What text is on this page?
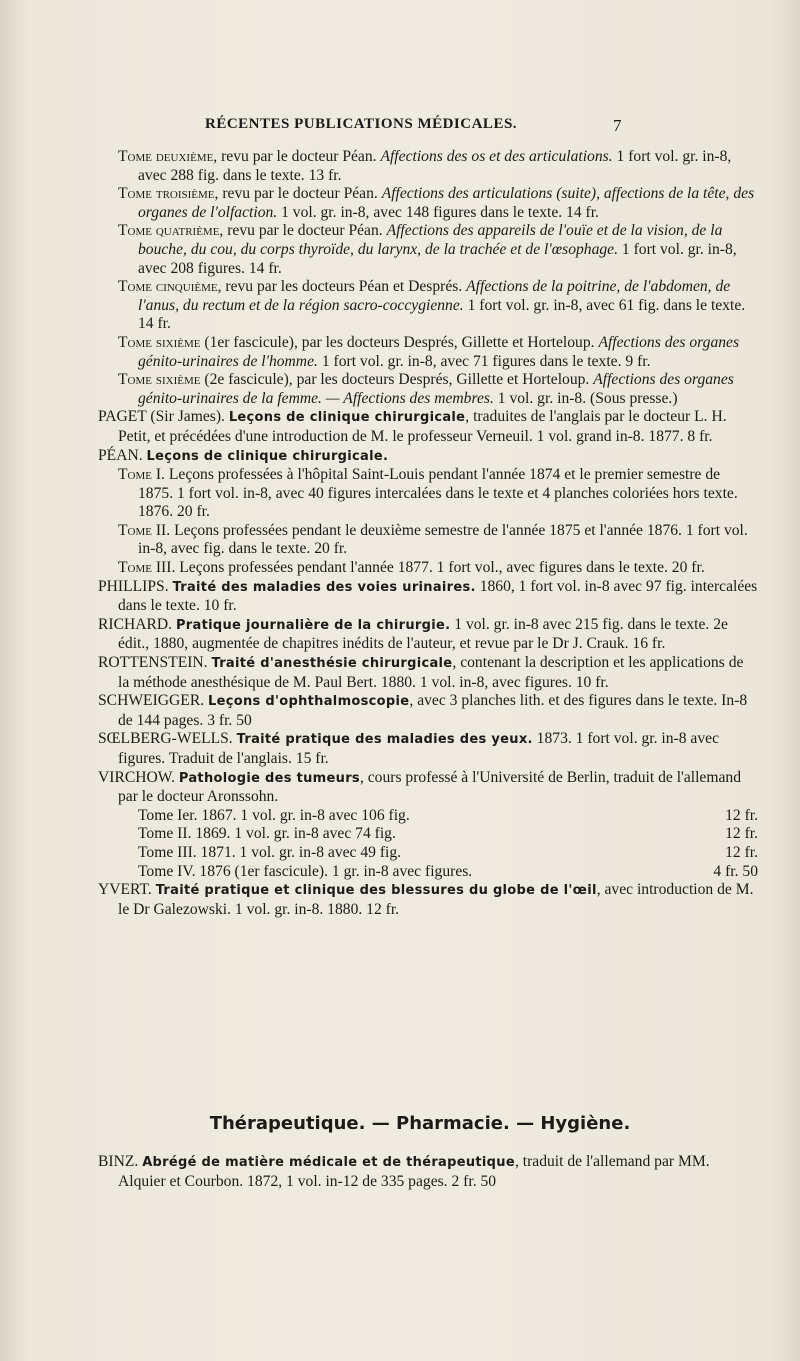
RÉCENTES PUBLICATIONS MÉDICALES.	7

Tome deuxième, revu par le docteur Péan. Affections des os et des articulations. 1 fort vol. gr. in-8, avec 288 fig. dans le texte. 13 fr.

Tome troisième, revu par le docteur Péan. Affections des articulations (suite), affections de la tête, des organes de l'olfaction. 1 vol. gr. in-8, avec 148 figures dans le texte. 14 fr.

Tome quatrième, revu par le docteur Péan. Affections des appareils de l'ouïe et de la vision, de la bouche, du cou, du corps thyroïde, du larynx, de la trachée et de l'œsophage. 1 fort vol. gr. in-8, avec 208 figures. 14 fr.

Tome cinquième, revu par les docteurs Péan et Després. Affections de la poitrine, de l'abdomen, de l'anus, du rectum et de la région sacro-coccygienne. 1 fort vol. gr. in-8, avec 61 fig. dans le texte. 14 fr.

Tome sixième (1er fascicule), par les docteurs Després, Gillette et Horteloup. Affections des organes génito-urinaires de l'homme. 1 fort vol. gr. in-8, avec 71 figures dans le texte. 9 fr.

Tome sixième (2e fascicule), par les docteurs Després, Gillette et Horteloup. Affections des organes génito-urinaires de la femme. — Affections des membres. 1 vol. gr. in-8. (Sous presse.)

PAGET (Sir James). Leçons de clinique chirurgicale, traduites de l'anglais par le docteur L. H. Petit, et précédées d'une introduction de M. le professeur Verneuil. 1 vol. grand in-8. 1877. 8 fr.

PÉAN. Leçons de clinique chirurgicale.

Tome I. Leçons professées à l'hôpital Saint-Louis pendant l'année 1874 et le premier semestre de 1875. 1 fort vol. in-8, avec 40 figures intercalées dans le texte et 4 planches coloriées hors texte. 1876. 20 fr.

Tome II. Leçons professées pendant le deuxième semestre de l'année 1875 et l'année 1876. 1 fort vol. in-8, avec fig. dans le texte. 20 fr.

Tome III. Leçons professées pendant l'année 1877. 1 fort vol., avec figures dans le texte. 20 fr.

PHILLIPS. Traité des maladies des voies urinaires. 1860, 1 fort vol. in-8 avec 97 fig. intercalées dans le texte. 10 fr.

RICHARD. Pratique journalière de la chirurgie. 1 vol. gr. in-8 avec 215 fig. dans le texte. 2e édit., 1880, augmentée de chapitres inédits de l'auteur, et revue par le Dr J. Crauk. 16 fr.

ROTTENSTEIN. Traité d'anesthésie chirurgicale, contenant la description et les applications de la méthode anesthésique de M. Paul Bert. 1880. 1 vol. in-8, avec figures. 10 fr.

SCHWEIGGER. Leçons d'ophthalmoscopie, avec 3 planches lith. et des figures dans le texte. In-8 de 144 pages. 3 fr. 50

SŒLBERG-WELLS. Traité pratique des maladies des yeux. 1873. 1 fort vol. gr. in-8 avec figures. Traduit de l'anglais. 15 fr.

VIRCHOW. Pathologie des tumeurs, cours professé à l'Université de Berlin, traduit de l'allemand par le docteur Aronssohn.

Tome Ier. 1867. 1 vol. gr. in-8 avec 106 fig.	12 fr.
Tome II. 1869. 1 vol. gr. in-8 avec 74 fig.	12 fr.
Tome III. 1871. 1 vol. gr. in-8 avec 49 fig.	12 fr.
Tome IV. 1876 (1er fascicule). 1 gr. in-8 avec figures.	4 fr. 50

YVERT. Traité pratique et clinique des blessures du globe de l'œil, avec introduction de M. le Dr Galezowski. 1 vol. gr. in-8. 1880. 12 fr.

Thérapeutique. — Pharmacie. — Hygiène.

BINZ. Abrégé de matière médicale et de thérapeutique, traduit de l'allemand par MM. Alquier et Courbon. 1872, 1 vol. in-12 de 335 pages. 2 fr. 50
